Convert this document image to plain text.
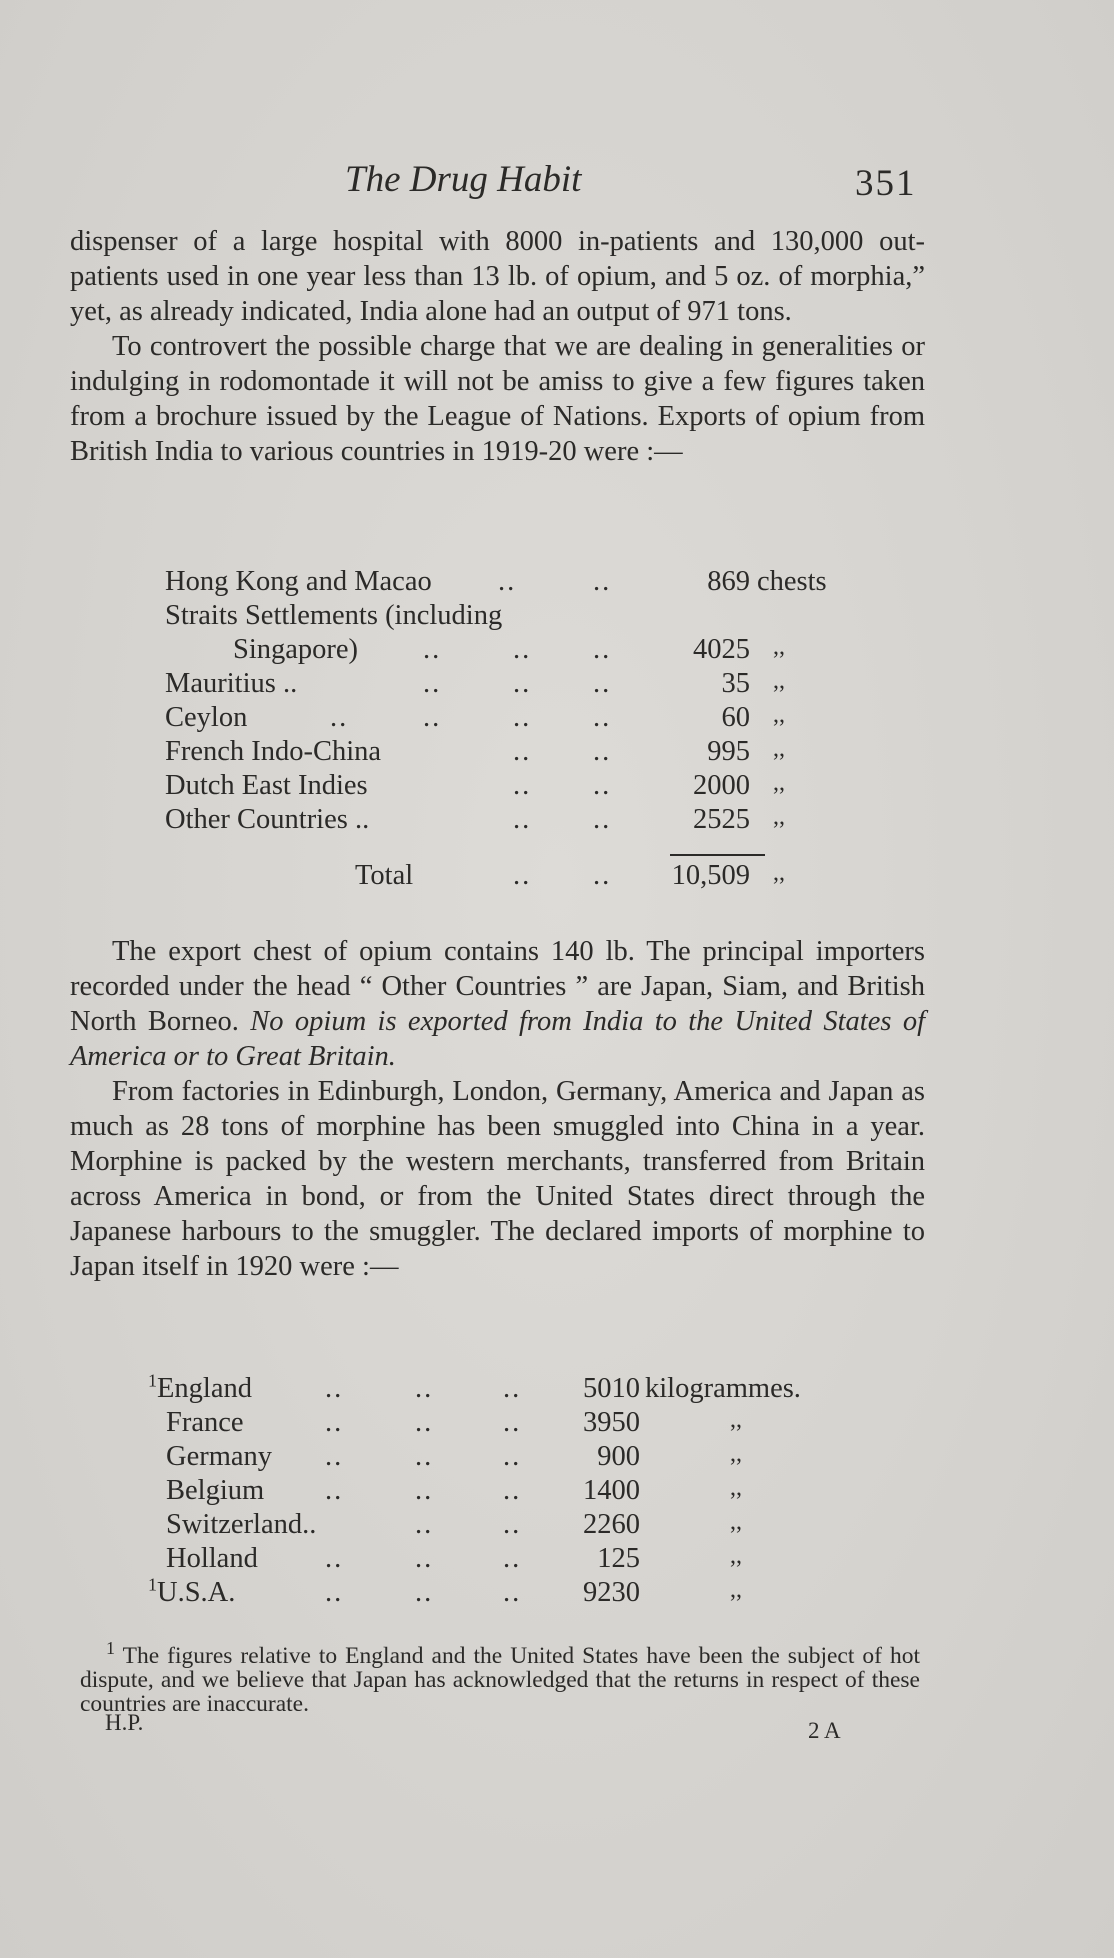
The Drug Habit	351

dispenser of a large hospital with 8000 in-patients and 130,000 out-patients used in one year less than 13 lb. of opium, and 5 oz. of morphia,” yet, as already indicated, India alone had an output of 971 tons.

To controvert the possible charge that we are dealing in generalities or indulging in rodomontade it will not be amiss to give a few figures taken from a brochure issued by the League of Nations. Exports of opium from British India to various countries in 1919-20 were :—

Hong Kong and Macao ..	..	869 chests
Straits Settlements (including
Singapore) ..	.. ..	4025 ,,
Mauritius ..	..	.. ..	35 ,,
Ceylon	..	..	.. ..	60 ,,
French Indo-China	.. ..	995 ,,
Dutch East Indies	.. ..	2000 ,,
Other Countries ..	.. ..	2525 ,,
Total	.. ..	10,509 ,,

The export chest of opium contains 140 lb. The principal importers recorded under the head “ Other Countries ” are Japan, Siam, and British North Borneo. No opium is exported from India to the United States of America or to Great Britain.

From factories in Edinburgh, London, Germany, America and Japan as much as 28 tons of morphine has been smuggled into China in a year. Morphine is packed by the western merchants, transferred from Britain across America in bond, or from the United States direct through the Japanese harbours to the smuggler. The declared imports of morphine to Japan itself in 1920 were :—

$^1$England	..	.. ..	5010 kilogrammes.
France	..	.. ..	3950	,,
Germany ..	.. ..	900	,,
Belgium ..	.. ..	1400	,,
Switzerland..	.. ..	2260	,,
Holland ..	.. ..	125	,,
$^1$U.S.A.	..	.. ..	9230	,,

$^1$ The figures relative to England and the United States have been the subject of hot dispute, and we believe that Japan has acknowledged that the returns in respect of these countries are inaccurate.

H.P.	2 A
